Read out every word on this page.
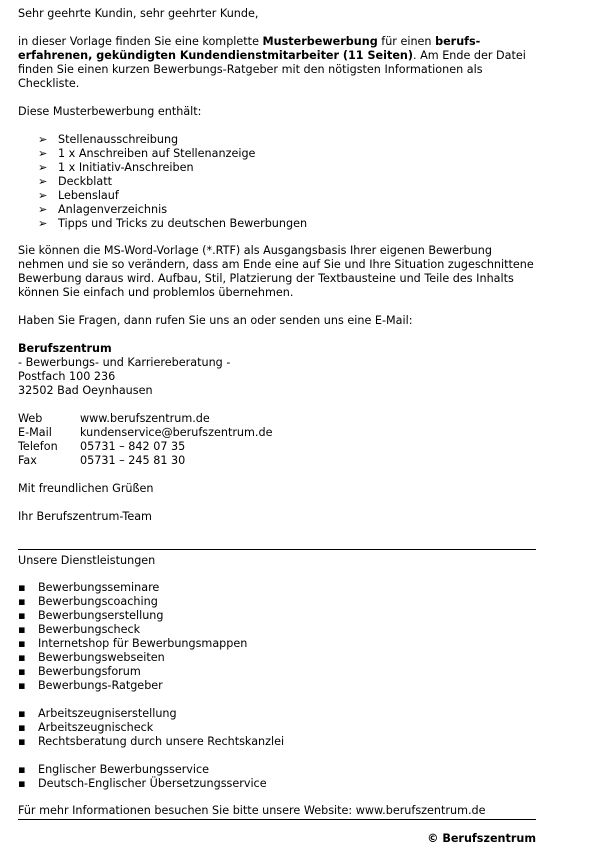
Sehr geehrte Kundin, sehr geehrter Kunde,

in dieser Vorlage finden Sie eine komplette Musterbewerbung für einen berufs-erfahrenen, gekündigten Kundendienstmitarbeiter (11 Seiten). Am Ende der Datei finden Sie einen kurzen Bewerbungs-Ratgeber mit den nötigsten Informationen als Checkliste.

Diese Musterbewerbung enthält:

➢ Stellenausschreibung
➢ 1 x Anschreiben auf Stellenanzeige
➢ 1 x Initiativ-Anschreiben
➢ Deckblatt
➢ Lebenslauf
➢ Anlagenverzeichnis
➢ Tipps und Tricks zu deutschen Bewerbungen

Sie können die MS-Word-Vorlage (*.RTF) als Ausgangsbasis Ihrer eigenen Bewerbung nehmen und sie so verändern, dass am Ende eine auf Sie und Ihre Situation zugeschnittene Bewerbung daraus wird. Aufbau, Stil, Platzierung der Textbausteine und Teile des Inhalts können Sie einfach und problemlos übernehmen.

Haben Sie Fragen, dann rufen Sie uns an oder senden uns eine E-Mail:

Berufszentrum
- Bewerbungs- und Karriereberatung -
Postfach 100 236
32502 Bad Oeynhausen
Web	www.berufszentrum.de
E-Mail	kundenservice@berufszentrum.de
Telefon	05731 – 842 07 35
Fax	05731 – 245 81 30

Mit freundlichen Grüßen

Ihr Berufszentrum-Team

Unsere Dienstleistungen

▪	Bewerbungsseminare
▪	Bewerbungscoaching
▪	Bewerbungserstellung
▪	Bewerbungscheck
▪	Internetshop für Bewerbungsmappen
▪	Bewerbungswebseiten
▪	Bewerbungsforum
▪	Bewerbungs-Ratgeber
▪	Arbeitszeugniserstellung
▪	Arbeitszeugnischeck
▪	Rechtsberatung durch unsere Rechtskanzlei
▪	Englischer Bewerbungsservice
▪	Deutsch-Englischer Übersetzungsservice

Für mehr Informationen besuchen Sie bitte unsere Website: www.berufszentrum.de

© Berufszentrum
